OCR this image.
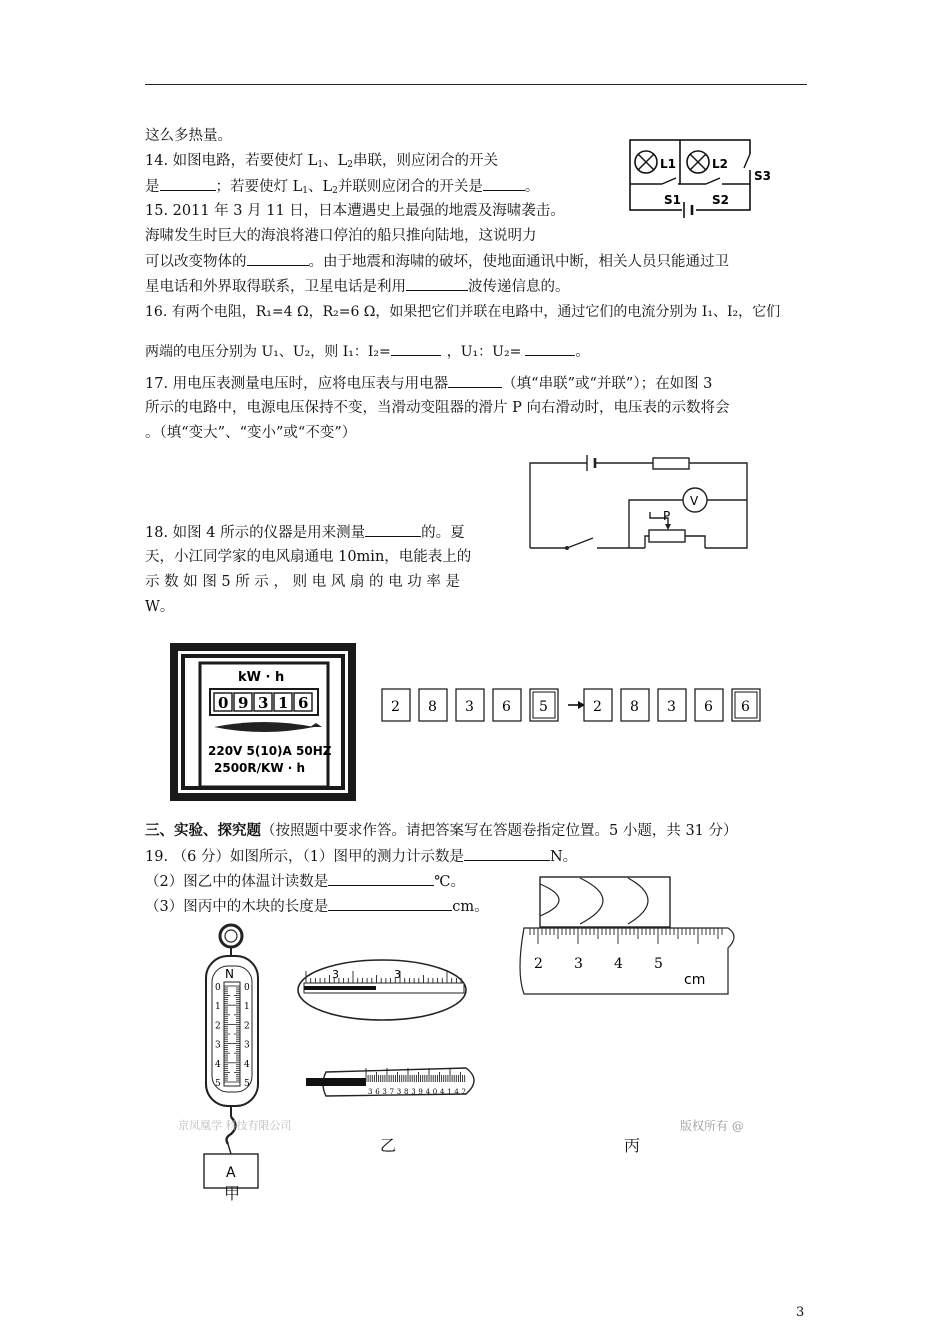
这么多热量。
14. 如图电路，若要使灯 $L_1$、$L_2$串联，则应闭合的开关
是	；若要使灯 $L_1$、$L_2$并联则应闭合的开关是	。
15. 2011 年 3 月 11 日，日本遭遇史上最强的地震及海啸袭击。
海啸发生时巨大的海浪将港口停泊的船只推向陆地，这说明力
可以改变物体的	。由于地震和海啸的破坏，使地面通讯中断，相关人员只能通过卫
星电话和外界取得联系，卫星电话是利用	波传递信息的。
16. 有两个电阻，R₁=4 Ω，R₂=6 Ω，如果把它们并联在电路中，通过它们的电流分别为 I₁、I₂，它们
两端的电压分别为 U₁、U₂，则 I₁：I₂=	，U₁：U₂=	。
17. 用电压表测量电压时，应将电压表与用电器	（填“串联”或“并联”）；在如图 3
所示的电路中，电源电压保持不变，当滑动变阻器的滑片 P 向右滑动时，电压表的示数将会
。（填“变大”、“变小”或“不变”）
18. 如图 4 所示的仪器是用来测量	的。夏
天，小江同学家的电风扇通电 10min，电能表上的
示 数 如 图 5 所 示 ， 则 电 风 扇 的 电 功 率 是
W。
三、实验、探究题（按照题中要求作答。请把答案写在答题卷指定位置。5 小题，共 31 分）
19. （6 分）如图所示，（1）图甲的测力计示数是	N。
（2）图乙中的体温计读数是	℃。
（3）图丙中的木块的长度是	cm。
3
L1	L2
S1	S2
S3
V
P
kW · h
0 9 3 1 6
220V 5(10)A 50HZ
2500R/KW · h
2 8 3 6 5	2 8 3 6 6
N
0
1
2
3
4
5
0
1
2
3
4
5
A
甲
京凤凰学 科技有限公司
3	3
3 6 3 7 3 8 3 9 4 0 4 1 4 2
乙
2 3 4 5
cm
丙
版权所有 @
